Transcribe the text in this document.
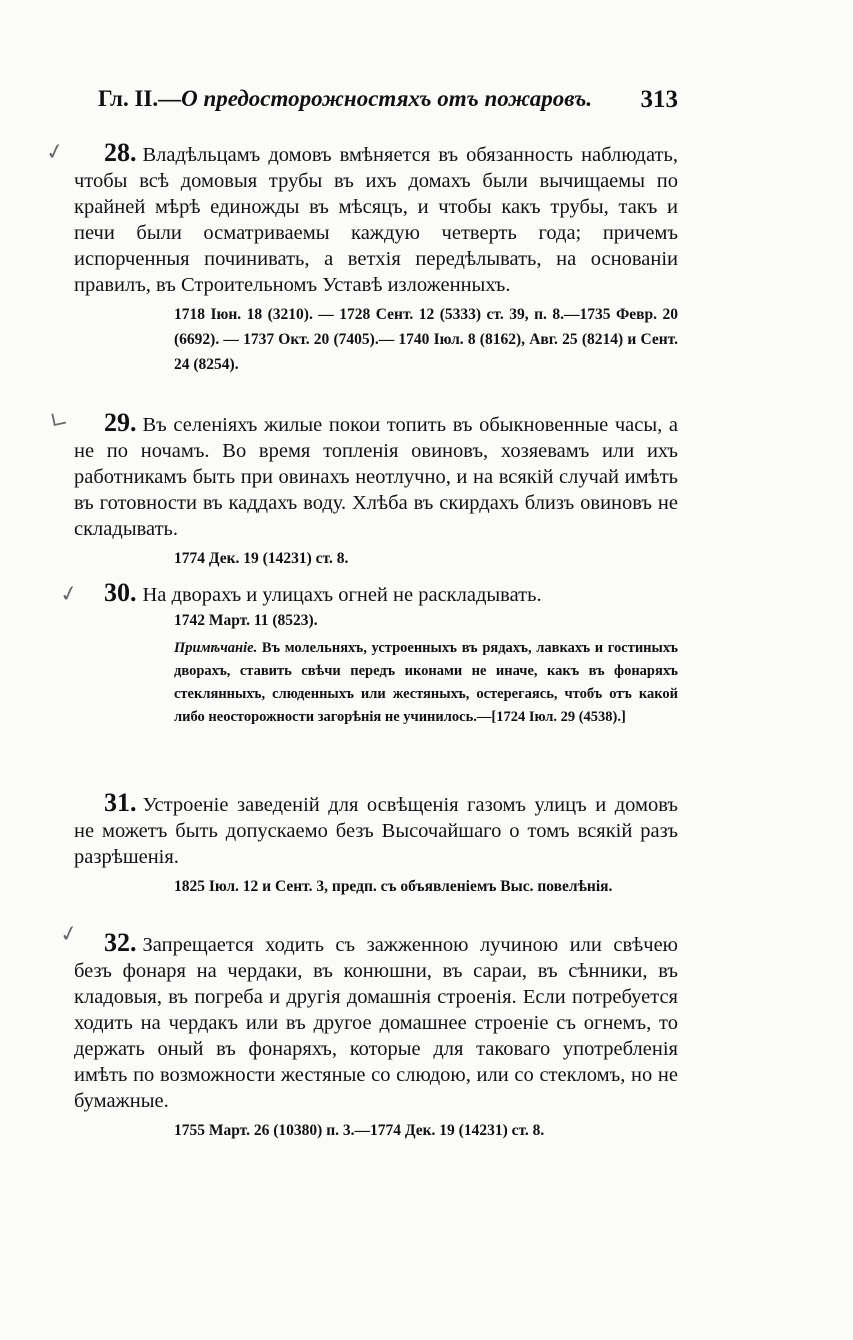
Гл. II.—О предосторожностяхъ отъ пожаровъ. 313
✓
∟
✓
✓

28. Владѣльцамъ домовъ вмѣняется въ обязанность наблюдать, чтобы всѣ домовыя трубы въ ихъ домахъ были вычищаемы по крайней мѣрѣ единожды въ мѣсяцъ, и чтобы какъ трубы, такъ и печи были осматриваемы каждую четверть года; причемъ испорченныя починивать, а ветхія передѣлывать, на основаніи правилъ, въ Строительномъ Уставѣ изложенныхъ.

1718 Іюн. 18 (3210). — 1728 Сент. 12 (5333) ст. 39, п. 8.—1735 Февр. 20 (6692). — 1737 Окт. 20 (7405).— 1740 Іюл. 8 (8162), Авг. 25 (8214) и Сент. 24 (8254).

29. Въ селеніяхъ жилые покои топить въ обыкновенные часы, а не по ночамъ. Во время топленія овиновъ, хозяевамъ или ихъ работникамъ быть при овинахъ неотлучно, и на всякій случай имѣть въ готовности въ каддахъ воду. Хлѣба въ скирдахъ близъ овиновъ не складывать.

1774 Дек. 19 (14231) ст. 8.

30. На дворахъ и улицахъ огней не раскладывать.

1742 Март. 11 (8523).
Примѣчаніе. Въ молельняхъ, устроенныхъ въ рядахъ, лавкахъ и гостиныхъ дворахъ, ставить свѣчи передъ иконами не иначе, какъ въ фонаряхъ стеклянныхъ, слюденныхъ или жестяныхъ, остерегаясь, чтобъ отъ какой либо неосторожности загорѣнія не учинилось.—[1724 Іюл. 29 (4538).]

31. Устроеніе заведеній для освѣщенія газомъ улицъ и домовъ не можетъ быть допускаемо безъ Высочайшаго о томъ всякій разъ разрѣшенія.

1825 Іюл. 12 и Сент. 3, предп. съ объявленіемъ Выс. повелѣнія.

32. Запрещается ходить съ зажженною лучиною или свѣчею безъ фонаря на чердаки, въ конюшни, въ сараи, въ сѣнники, въ кладовыя, въ погреба и другія домашнія строенія. Если потребуется ходить на чердакъ или въ другое домашнее строеніе съ огнемъ, то держать оный въ фонаряхъ, которые для таковаго употребленія имѣть по возможности жестяные со слюдою, или со стекломъ, но не бумажные.

1755 Март. 26 (10380) п. 3.—1774 Дек. 19 (14231) ст. 8.
